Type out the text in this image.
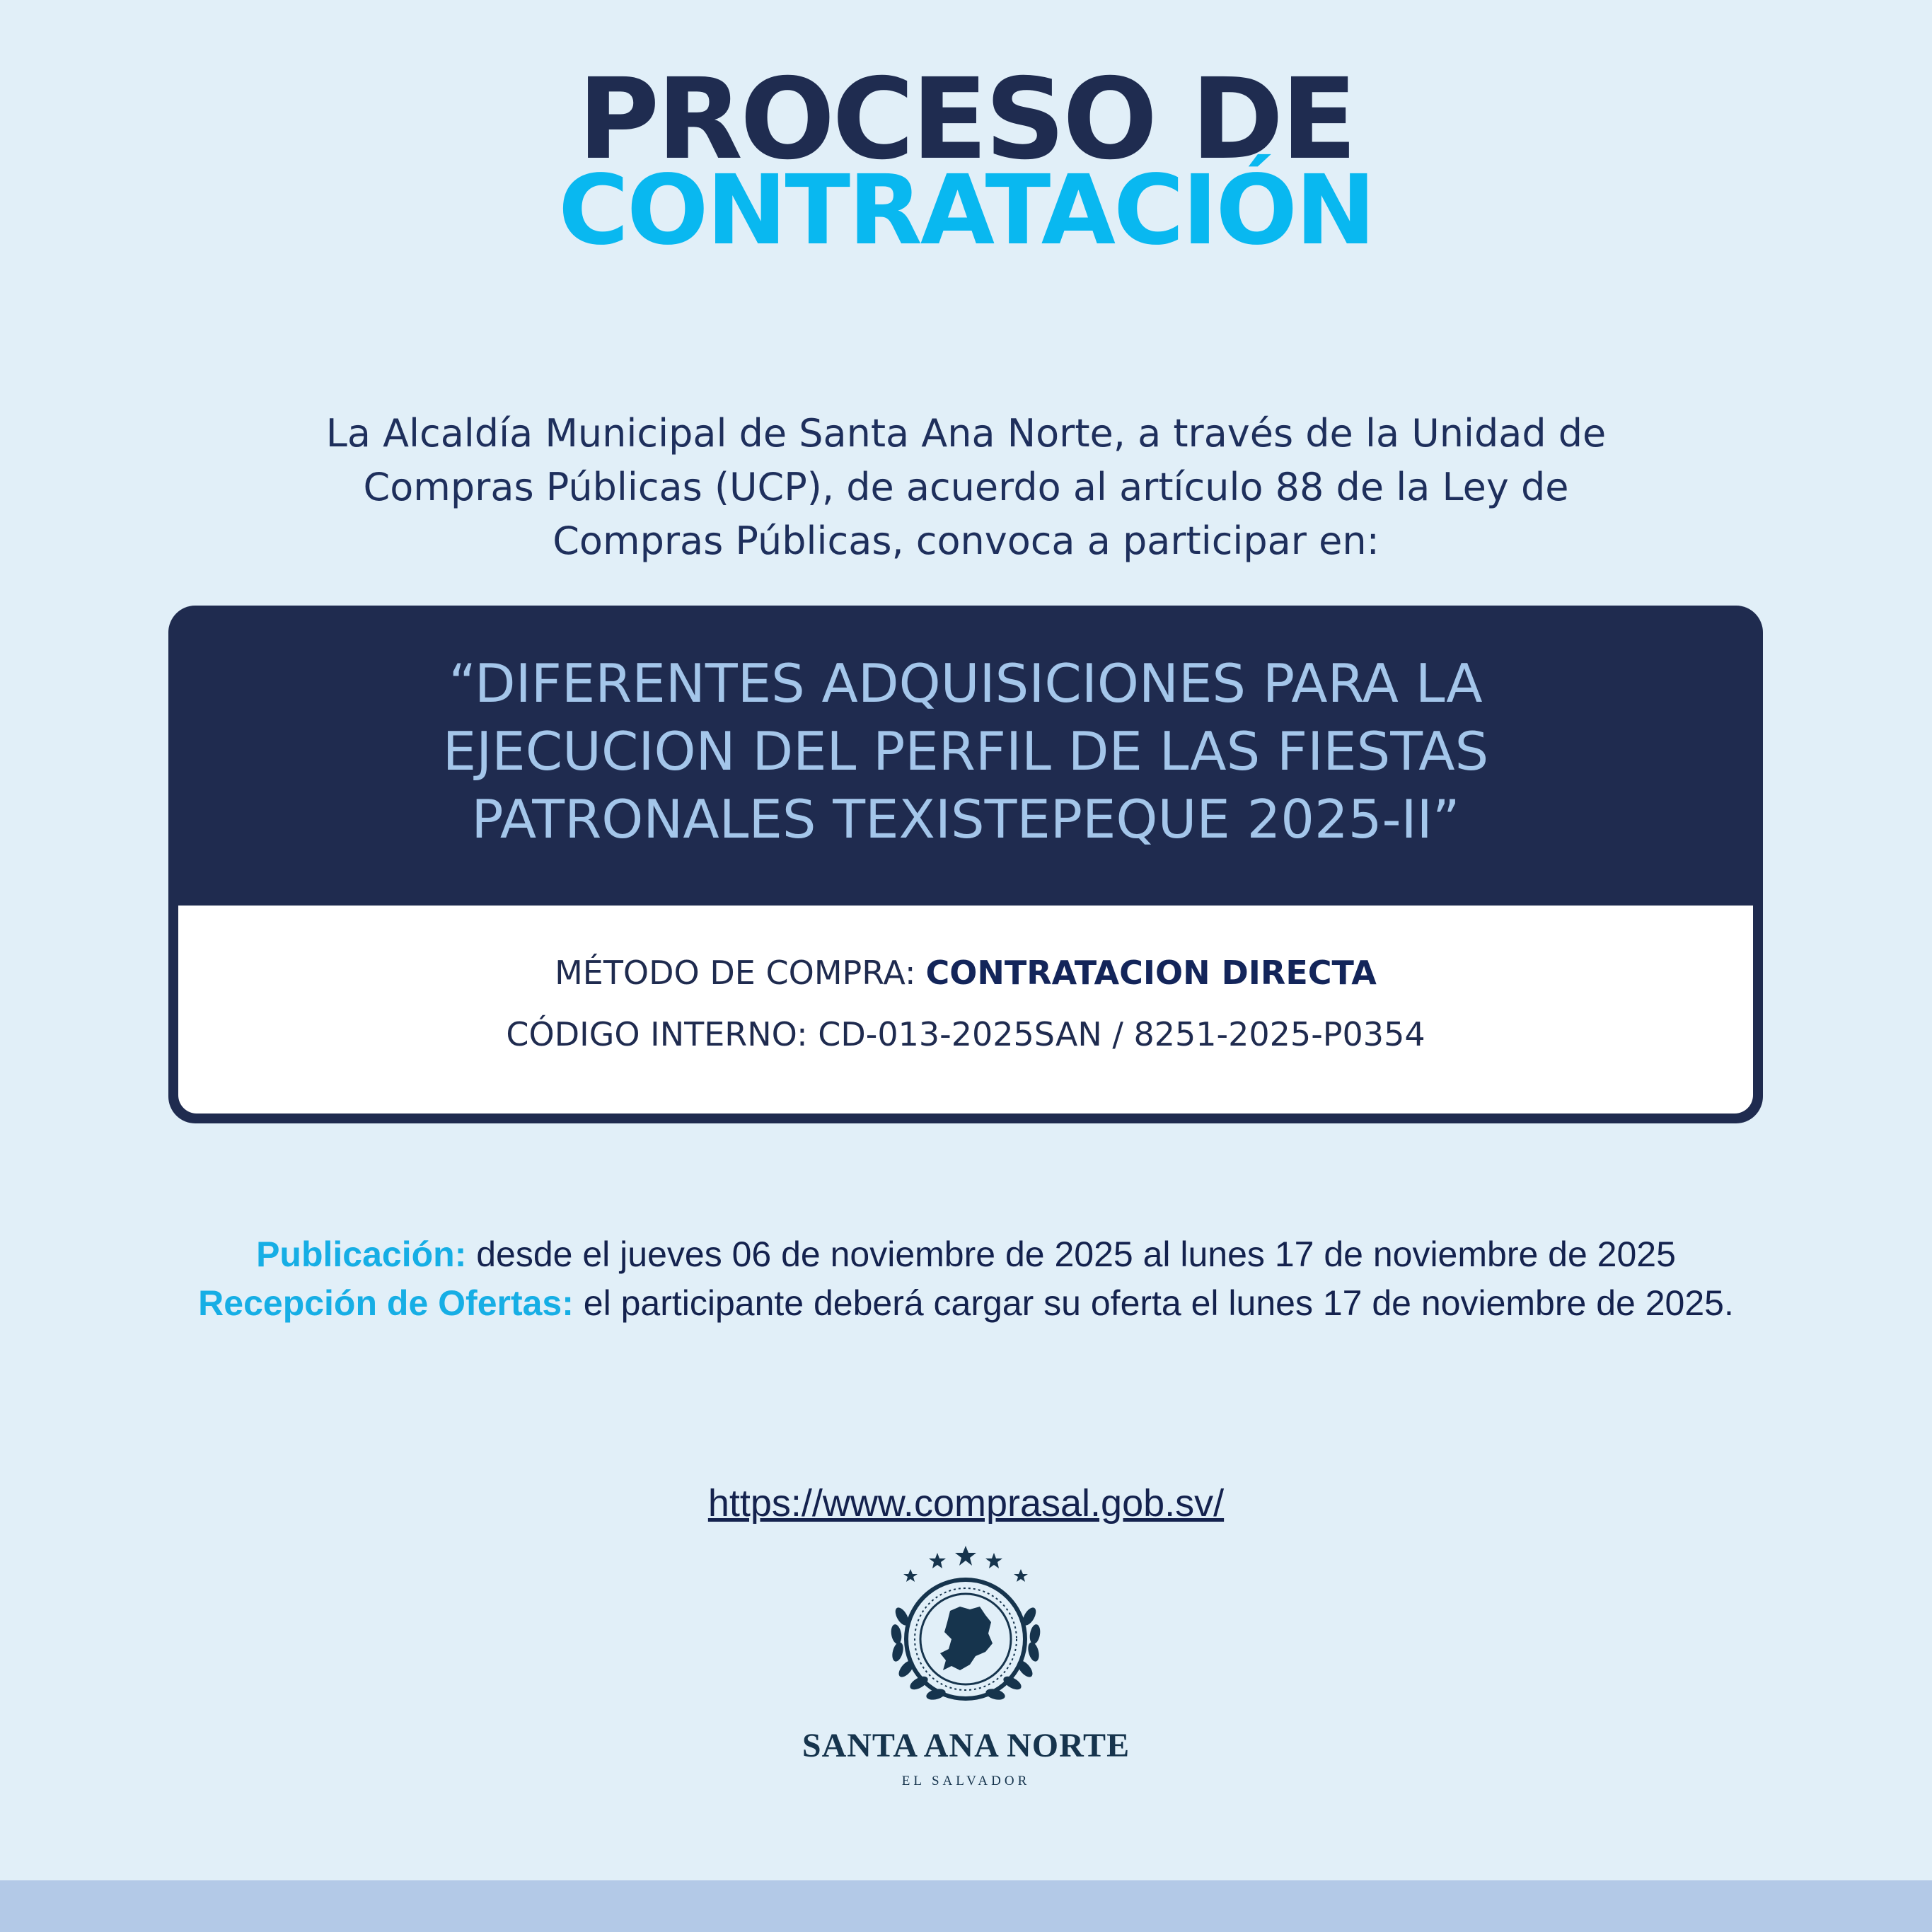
PROCESO DE
CONTRATACIÓN
La Alcaldía Municipal de Santa Ana Norte, a través de la Unidad de
Compras Públicas (UCP), de acuerdo al artículo 88 de la Ley de
Compras Públicas, convoca a participar en:
“DIFERENTES ADQUISICIONES PARA LA
EJECUCION DEL PERFIL DE LAS FIESTAS
PATRONALES TEXISTEPEQUE 2025-II”
MÉTODO DE COMPRA: CONTRATACION DIRECTA
CÓDIGO INTERNO: CD-013-2025SAN / 8251-2025-P0354
Publicación: desde el jueves 06 de noviembre de 2025 al lunes 17 de noviembre de 2025
Recepción de Ofertas: el participante deberá cargar su oferta el lunes 17 de noviembre de 2025.
https://www.comprasal.gob.sv/
SANTA ANA NORTE
EL SALVADOR
